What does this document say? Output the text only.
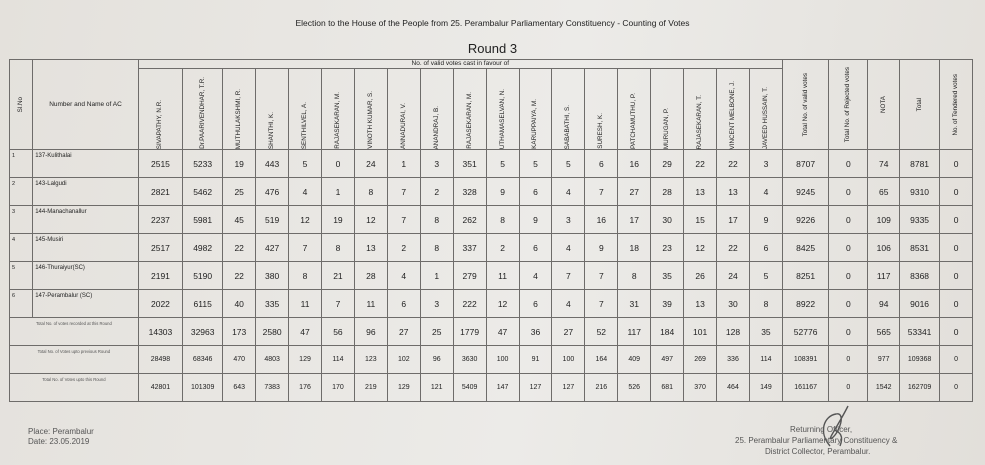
Election to the House of the People from 25. Perambalur Parliamentary Constituency - Counting of Votes
Round 3
Sl.No	Number and Name of AC	No. of valid votes cast in favour of																			Total No. of valid votes	Total No. of Rejected votes	NOTA	Total	No. of Tendered votes

		SIVAPATHY, N.R.	Dr.PAARIVENDHAR, T.R.	MUTHULAKSHMI, R.	SHANTHI, K.	SENTHILVEL, A.	RAJASEKARAN, M.	VINOTH KUMAR, S.	ANNADURAI, V.	ANANDRAJ, B.	RAJASEKARAN, M.	UTHAMASELVAN, N.	KARUPPAIYA, M.	SABABATHI, S.	SURESH, K.	PATCHAMUTHU, P.	MURUGAN, P.	RAJASEKARAN, T.	VINCENT MELBONE, J.	JAVEED HUSSAIN, T.					

1	137-Kulithalai	2515	5233	19	443	5	0	24	1	3	351	5	5	5	6	16	29	22	22	3	8707	0	74	8781	0
2	143-Lalgudi	2821	5462	25	476	4	1	8	7	2	328	9	6	4	7	27	28	13	13	4	9245	0	65	9310	0
3	144-Manachanallur	2237	5981	45	519	12	19	12	7	8	262	8	9	3	16	17	30	15	17	9	9226	0	109	9335	0
4	145-Musiri	2517	4982	22	427	7	8	13	2	8	337	2	6	4	9	18	23	12	22	6	8425	0	106	8531	0
5	146-Thuraiyur(SC)	2191	5190	22	380	8	21	28	4	1	279	11	4	7	7	8	35	26	24	5	8251	0	117	8368	0
6	147-Perambalur (SC)	2022	6115	40	335	11	7	11	6	3	222	12	6	4	7	31	39	13	30	8	8922	0	94	9016	0
Total No. of votes recorded at this Round		14303	32963	173	2580	47	56	96	27	25	1779	47	36	27	52	117	184	101	128	35	52776	0	565	53341	0
Total No. of Votes upto previous Round		28498	68346	470	4803	129	114	123	102	96	3630	100	91	100	164	409	497	269	336	114	108391	0	977	109368	0
Total No. of Votes upto this Round		42801	101309	643	7383	176	170	219	129	121	5409	147	127	127	216	526	681	370	464	149	161167	0	1542	162709	0
Place: Perambalur
Date: 23.05.2019
Returning Officer,
25. Perambalur Parliamentary Constituency &
District Collector, Perambalur.
